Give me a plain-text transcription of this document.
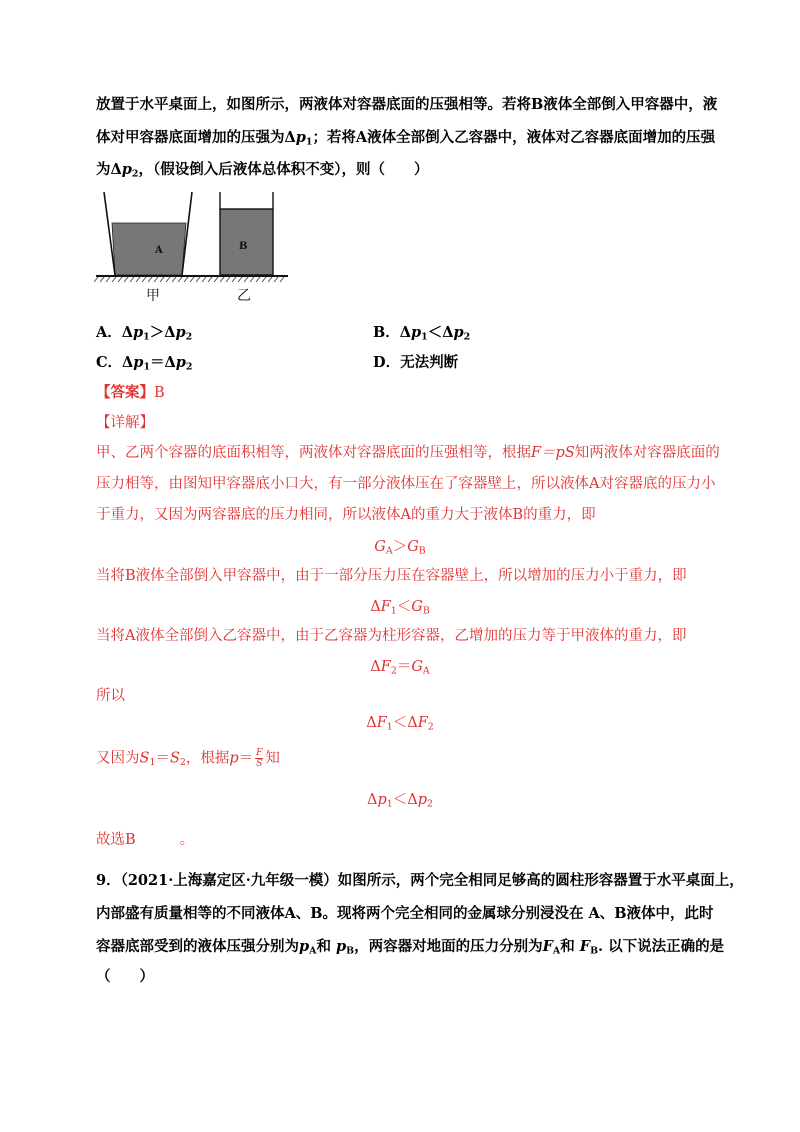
放置于水平桌面上，如图所示，两液体对容器底面的压强相等。若将B液体全部倒入甲容器中，液
体对甲容器底面增加的压强为$\Delta p_1$；若将A液体全部倒入乙容器中，液体对乙容器底面增加的压强
为$\Delta p_2$，（假设倒入后液体总体积不变），则（　　）
A	B
甲	乙
A．$\Delta p_1>\Delta p_2$	B．$\Delta p_1<\Delta p_2$
C．$\Delta p_1=\Delta p_2$	D．无法判断
【答案】B
【详解】
甲、乙两个容器的底面积相等，两液体对容器底面的压强相等，根据F＝pS知两液体对容器底面的
压力相等，由图知甲容器底小口大，有一部分液体压在了容器壁上，所以液体A对容器底的压力小
于重力，又因为两容器底的压力相同，所以液体A的重力大于液体B的重力，即
$G_A>G_B$
当将B液体全部倒入甲容器中，由于一部分压力压在容器壁上，所以增加的压力小于重力，即
$\Delta F_1<G_B$
当将A液体全部倒入乙容器中，由于乙容器为柱形容器，乙增加的压力等于甲液体的重力，即
$\Delta F_2=G_A$
所以
$\Delta F_1<\Delta F_2$
又因为$S_1=S_2$，根据$p= \frac{F}{S}$ 知
$\Delta p_1<\Delta p_2$
故选B	。
9．（2021·上海嘉定区·九年级一模）如图所示，两个完全相同足够高的圆柱形容器置于水平桌面上，
内部盛有质量相等的不同液体A、B。现将两个完全相同的金属球分别浸没在 A、B液体中，此时
容器底部受到的液体压强分别为$p_A$和 $p_B$，两容器对地面的压力分别为$F_A$和 $F_B$. 以下说法正确的是
（　　）
